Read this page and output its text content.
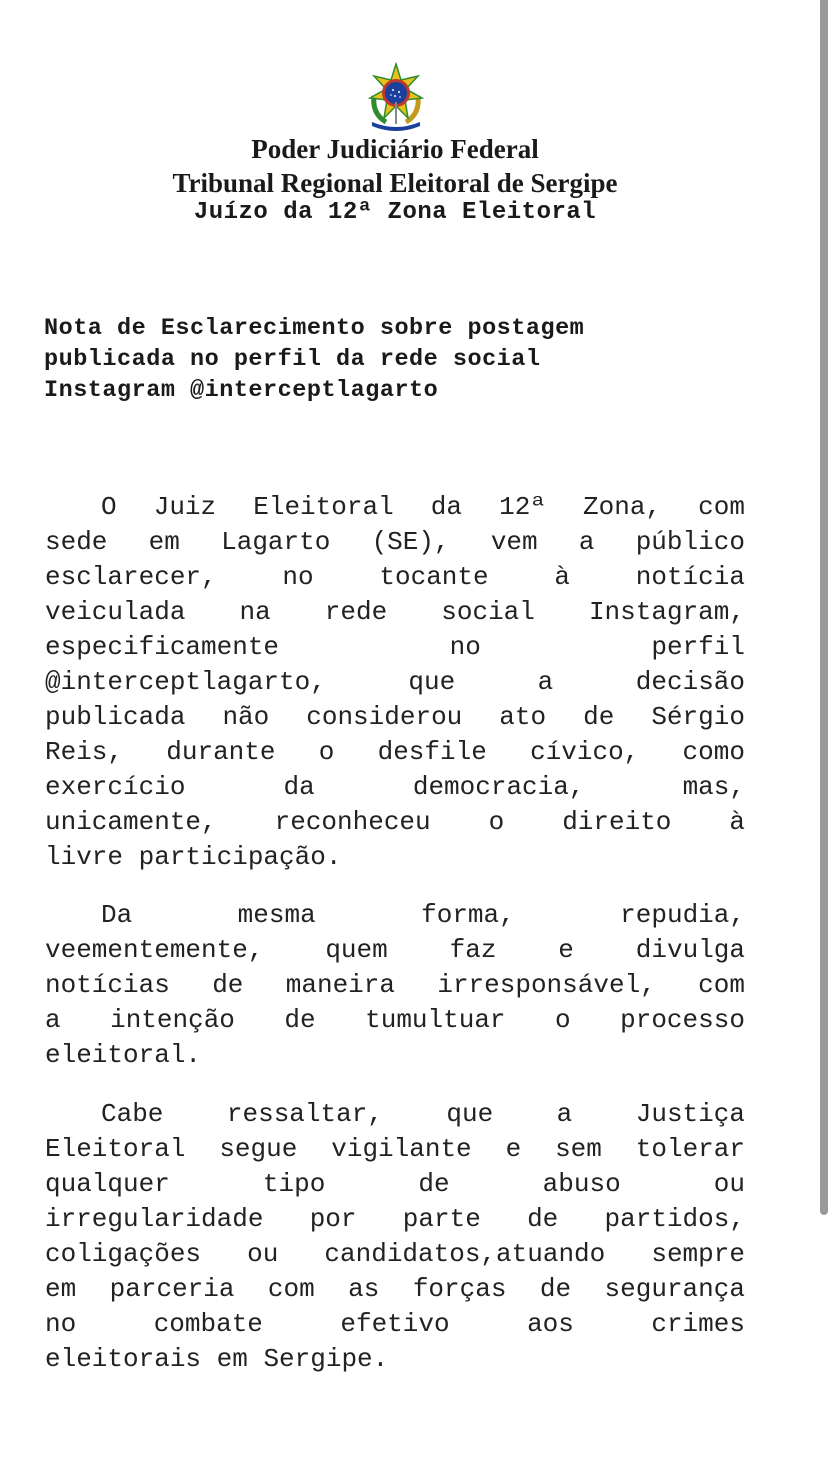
Poder Judiciário Federal
Tribunal Regional Eleitoral de Sergipe
Juízo da 12ª Zona Eleitoral
Nota de Esclarecimento sobre postagem
publicada no perfil da rede social
Instagram @interceptlagarto
O Juiz Eleitoral da 12ª Zona, com
sede em Lagarto (SE), vem a público
esclarecer,	no	tocante	à	notícia
veiculada na rede social Instagram,
especificamente	no	perfil
@interceptlagarto,	que	a	decisão
publicada não considerou ato de Sérgio
Reis, durante o desfile cívico, como
exercício	da	democracia,	mas,
unicamente, reconheceu o direito à
livre participação.
Da	mesma	forma,	repudia,
veementemente, quem faz e divulga
notícias de maneira irresponsável, com
a intenção de tumultuar o processo
eleitoral.
Cabe ressaltar, que a Justiça
Eleitoral segue vigilante e sem tolerar
qualquer	tipo	de	abuso	ou
irregularidade por parte de partidos,
coligações ou candidatos,atuando sempre
em parceria com as forças de segurança
no	combate	efetivo	aos	crimes
eleitorais em Sergipe.
